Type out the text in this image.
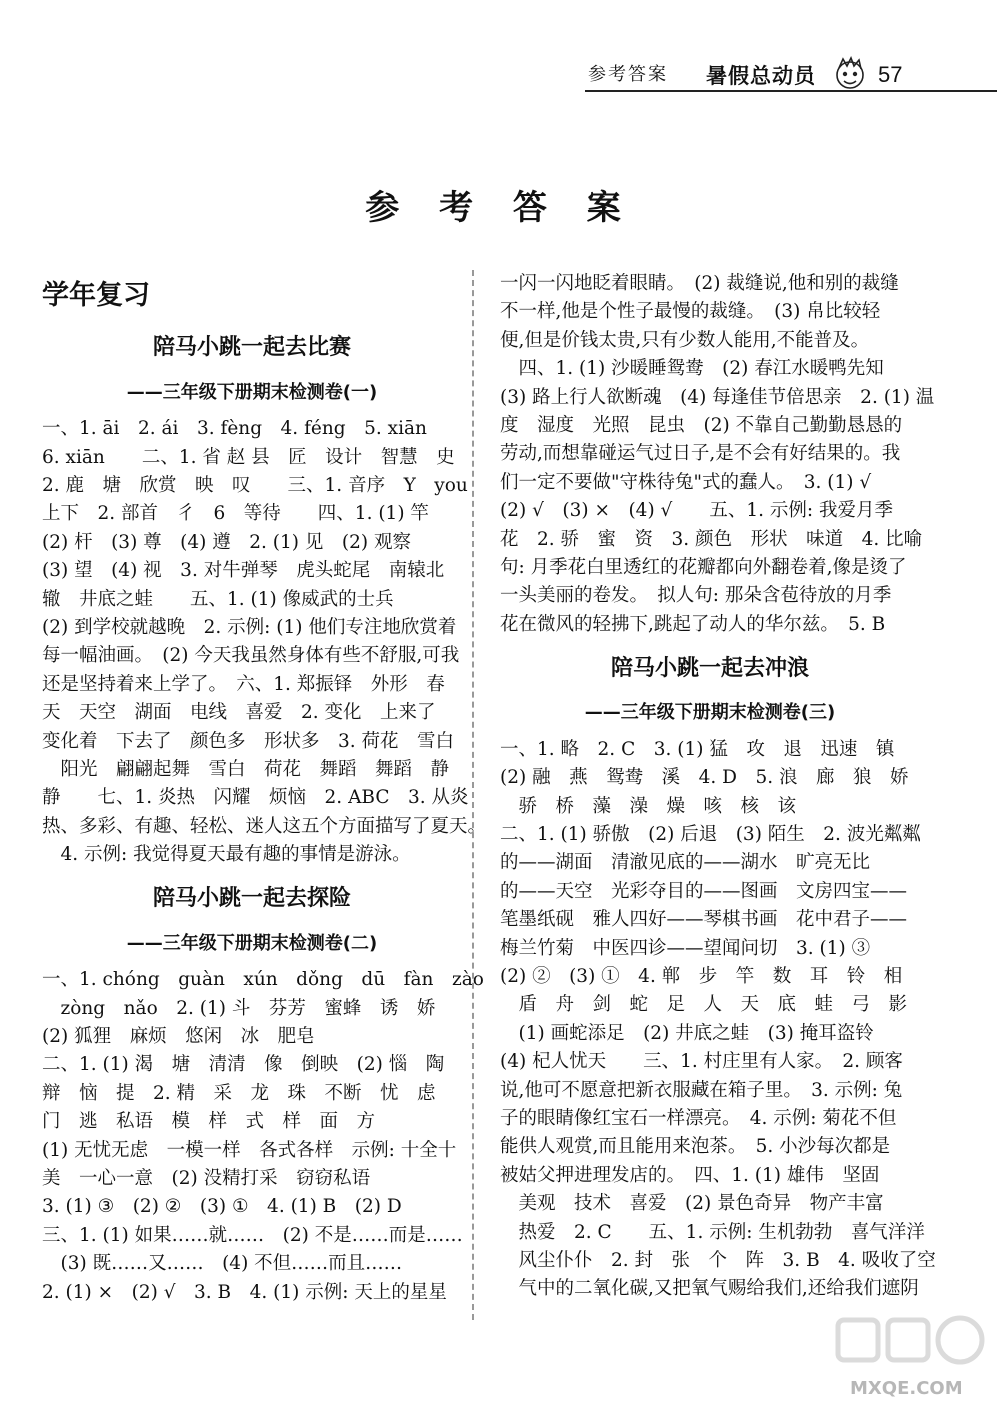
参考答案 暑假总动员	57
参 考 答 案
学年复习
陪马小跳一起去比赛
——三年级下册期末检测卷(一)
一、1. āi　2. ái　3. fèng　4. féng　5. xiān
6. xiān　　二、1. 省 赵 县　匠　设计　智慧　史
2. 鹿　塘　欣赏　映　叹　　三、1. 音序　Y　you
上下　2. 部首　彳　6　等待　　四、1. (1) 竿
(2) 杆　(3) 尊　(4) 遵　2. (1) 见　(2) 观察
(3) 望　(4) 视　3. 对牛弹琴　虎头蛇尾　南辕北
辙　井底之蛙　　五、1. (1) 像威武的士兵
(2) 到学校就越晚　2. 示例: (1) 他们专注地欣赏着
每一幅油画。　(2) 今天我虽然身体有些不舒服,可我
还是坚持着来上学了。　六、1. 郑振铎　外形　春
天　天空　湖面　电线　喜爱　2. 变化　上来了
变化着　下去了　颜色多　形状多　3. 荷花　雪白
　阳光　翩翩起舞　雪白　荷花　舞蹈　舞蹈　静
静　　七、1. 炎热　闪耀　烦恼　2. ABC　3. 从炎
热、多彩、有趣、轻松、迷人这五个方面描写了夏天。
　4. 示例: 我觉得夏天最有趣的事情是游泳。
陪马小跳一起去探险
——三年级下册期末检测卷(二)
一、1. chóng　guàn　xún　dǒng　dū　fàn　zào
　zòng　nǎo　2. (1) 斗　芬芳　蜜蜂　诱　娇
(2) 狐狸　麻烦　悠闲　冰　肥皂
二、1. (1) 渴　塘　清清　像　倒映　(2) 惱　陶
辩　恼　提　2. 精　采　龙　珠　不断　忧　虑
门　逃　私语　模　样　式　样　面　方
(1) 无忧无虑　一模一样　各式各样　示例: 十全十
美　一心一意　(2) 没精打采　窃窃私语
3. (1) ③　(2) ②　(3) ①　4. (1) B　(2) D
三、1. (1) 如果……就……　(2) 不是……而是……
　(3) 既……又……　(4) 不但……而且……
2. (1) ×　(2) √　3. B　4. (1) 示例: 天上的星星
一闪一闪地眨着眼睛。　(2) 裁缝说,他和别的裁缝
不一样,他是个性子最慢的裁缝。　(3) 帛比较轻
便,但是价钱太贵,只有少数人能用,不能普及。
　四、1. (1) 沙暖睡鸳鸯　(2) 春江水暖鸭先知
(3) 路上行人欲断魂　(4) 每逢佳节倍思亲　2. (1) 温
度　湿度　光照　昆虫　(2) 不靠自己勤勤恳恳的
劳动,而想靠碰运气过日子,是不会有好结果的。我
们一定不要做"守株待兔"式的蠢人。　3. (1) √
(2) √　(3) ×　(4) √　　五、1. 示例: 我爱月季
花　2. 骄　蜜　资　3. 颜色　形状　味道　4. 比喻
句: 月季花白里透红的花瓣都向外翻卷着,像是烫了
一头美丽的卷发。　拟人句: 那朵含苞待放的月季
花在微风的轻拂下,跳起了动人的华尔兹。　5. B
陪马小跳一起去冲浪
——三年级下册期末检测卷(三)
一、1. 略　2. C　3. (1) 猛　攻　退　迅速　镇
(2) 融　燕　鸳鸯　溪　4. D　5. 浪　廊　狼　娇
　骄　桥　藻　澡　燥　咳　核　该
二、1. (1) 骄傲　(2) 后退　(3) 陌生　2. 波光粼粼
的——湖面　清澈见底的——湖水　旷亮无比
的——天空　光彩夺目的——图画　文房四宝——
笔墨纸砚　雅人四好——琴棋书画　花中君子——
梅兰竹菊　中医四诊——望闻问切　3. (1) ③
(2) ②　(3) ①　4. 郸　步　竿　数　耳　铃　相
　盾　舟　剑　蛇　足　人　天　底　蛙　弓　影
　(1) 画蛇添足　(2) 井底之蛙　(3) 掩耳盗铃
(4) 杞人忧天　　三、1. 村庄里有人家。　2. 顾客
说,他可不愿意把新衣服藏在箱子里。　3. 示例: 兔
子的眼睛像红宝石一样漂亮。　4. 示例: 菊花不但
能供人观赏,而且能用来泡茶。　5. 小沙每次都是
被姑父押进理发店的。　四、1. (1) 雄伟　坚固
　美观　技术　喜爱　(2) 景色奇异　物产丰富
　热爱　2. C　　五、1. 示例: 生机勃勃　喜气洋洋
　风尘仆仆　2. 封　张　个　阵　3. B　4. 吸收了空
　气中的二氧化碳,又把氧气赐给我们,还给我们遮阴
MXQE.COM
